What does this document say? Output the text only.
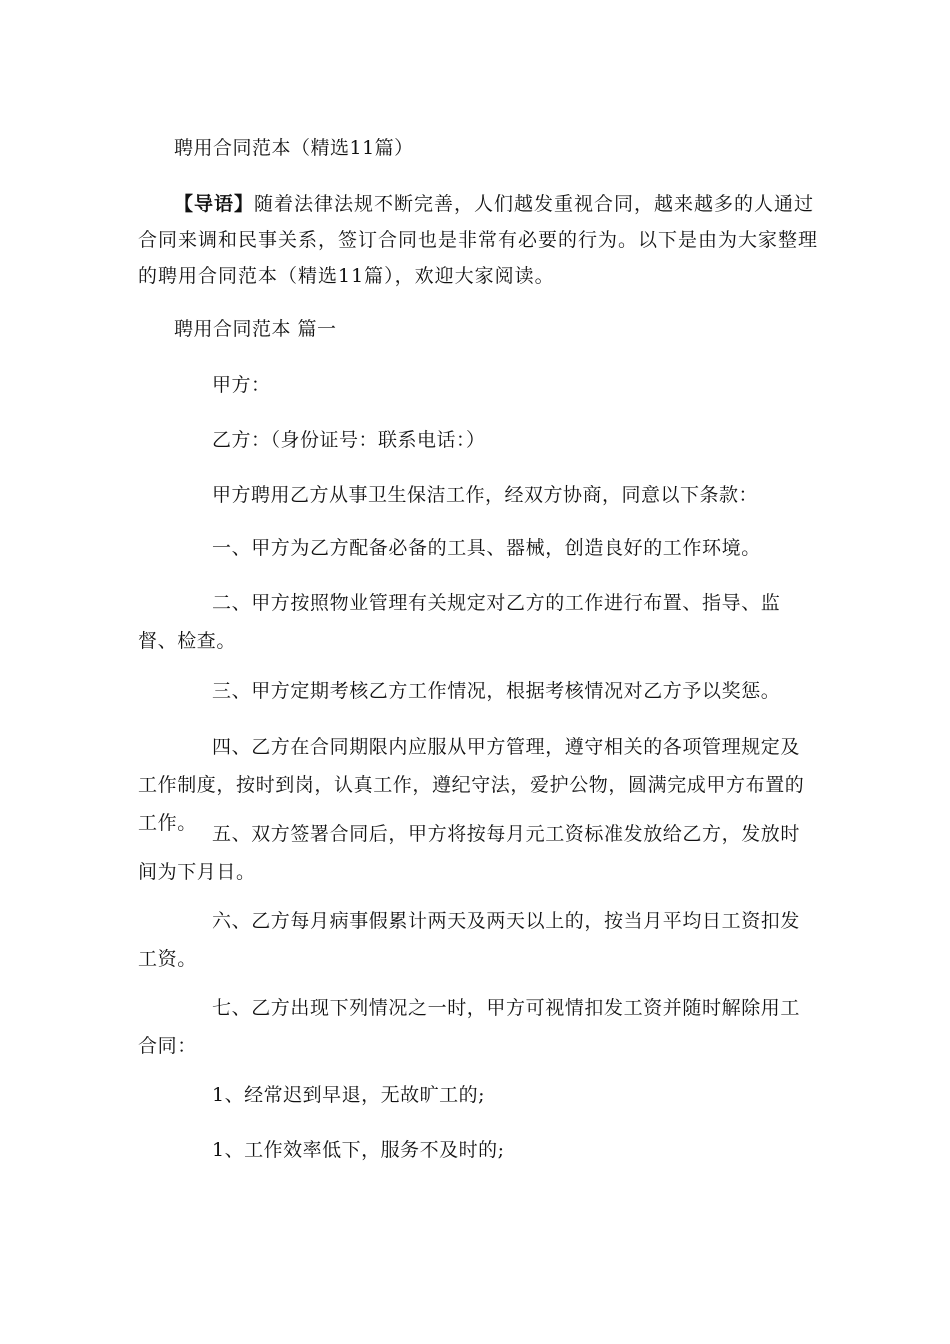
聘用合同范本（精选11篇）
【导语】随着法律法规不断完善，人们越发重视合同，越来越多的人通过合同来调和民事关系，签订合同也是非常有必要的行为。以下是由为大家整理的聘用合同范本（精选11篇），欢迎大家阅读。
聘用合同范本 篇一
甲方：
乙方：（身份证号：联系电话：）
甲方聘用乙方从事卫生保洁工作，经双方协商，同意以下条款：
一、甲方为乙方配备必备的工具、器械，创造良好的工作环境。
二、甲方按照物业管理有关规定对乙方的工作进行布置、指导、监督、检查。
三、甲方定期考核乙方工作情况，根据考核情况对乙方予以奖惩。
四、乙方在合同期限内应服从甲方管理，遵守相关的各项管理规定及工作制度，按时到岗，认真工作，遵纪守法，爱护公物，圆满完成甲方布置的工作。 五、双方签署合同后，甲方将按每月元工资标准发放给乙方，发放时间为下月日。
六、乙方每月病事假累计两天及两天以上的，按当月平均日工资扣发工资。
七、乙方出现下列情况之一时，甲方可视情扣发工资并随时解除用工合同：
1、经常迟到早退，无故旷工的;
1、工作效率低下，服务不及时的;
